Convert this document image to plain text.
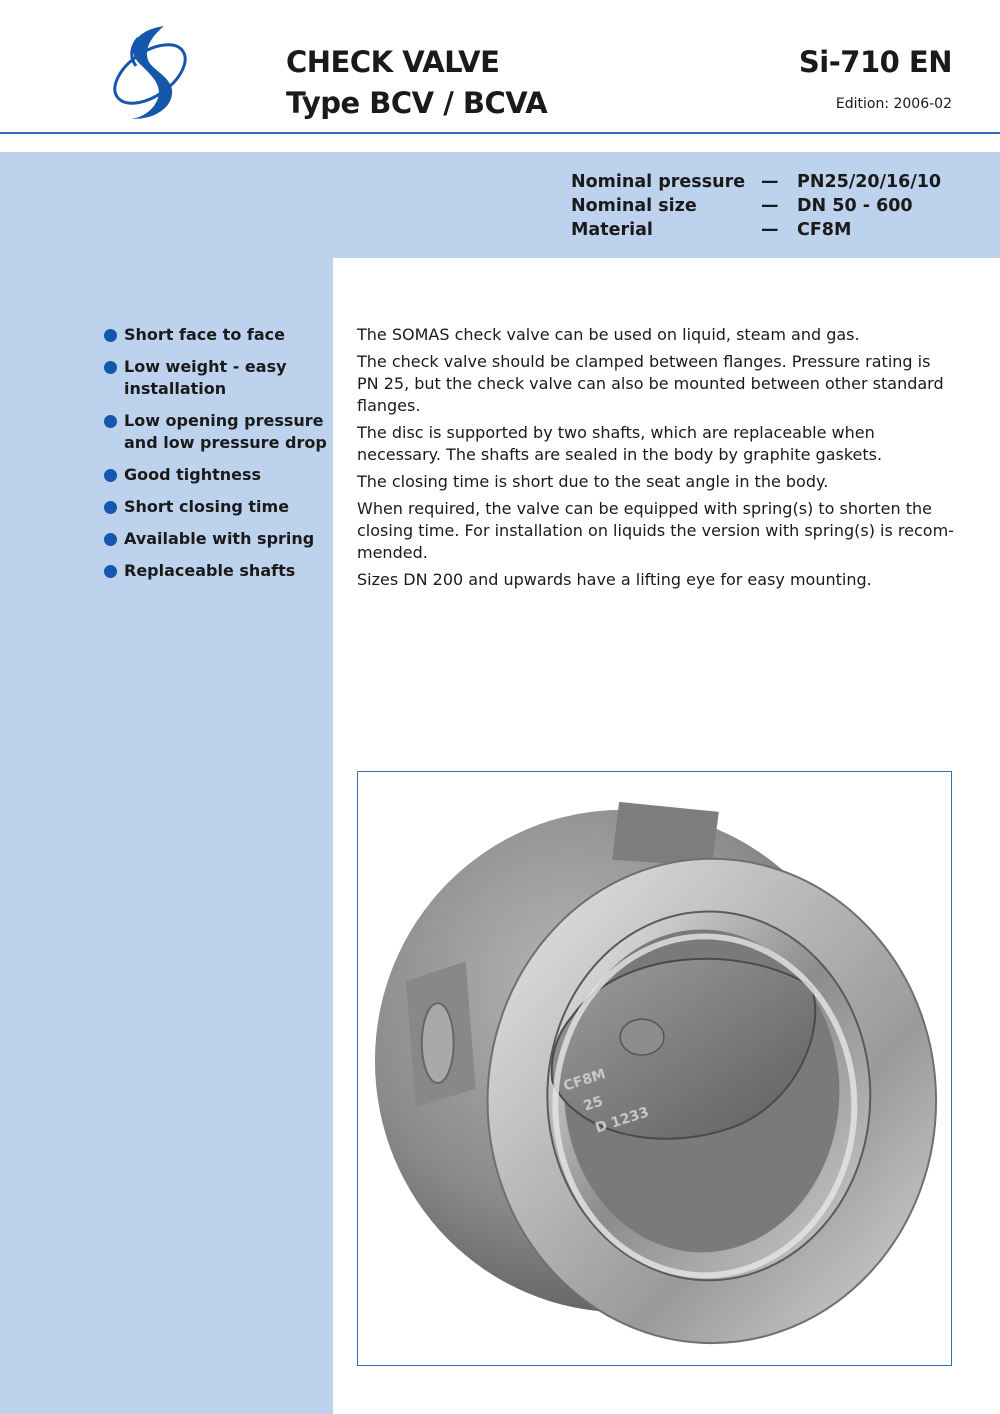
CHECK VALVE
Type BCV / BCVA
Si-710 EN
Edition: 2006-02
Nominal pressure —	PN25/20/16/10
Nominal size	—	DN 50 - 600
Material	—	CF8M
Short face to face
Low weight - easy installation
Low opening pressure and low pressure drop
Good tightness
Short closing time
Available with spring
Replaceable shafts

The SOMAS check valve can be used on liquid, steam and gas.

The check valve should be clamped between flanges. Pressure rating is PN 25, but the check valve can also be mounted between other standard flanges.

The disc is supported by two shafts, which are replaceable when necessary. The shafts are sealed in the body by graphite gaskets.

The closing time is short due to the seat angle in the body.

When required, the valve can be equipped with spring(s) to shorten the closing time. For installation on liquids the version with spring(s) is recom-mended.

Sizes DN 200 and upwards have a lifting eye for easy mounting.

CF8M
25
D 1233
